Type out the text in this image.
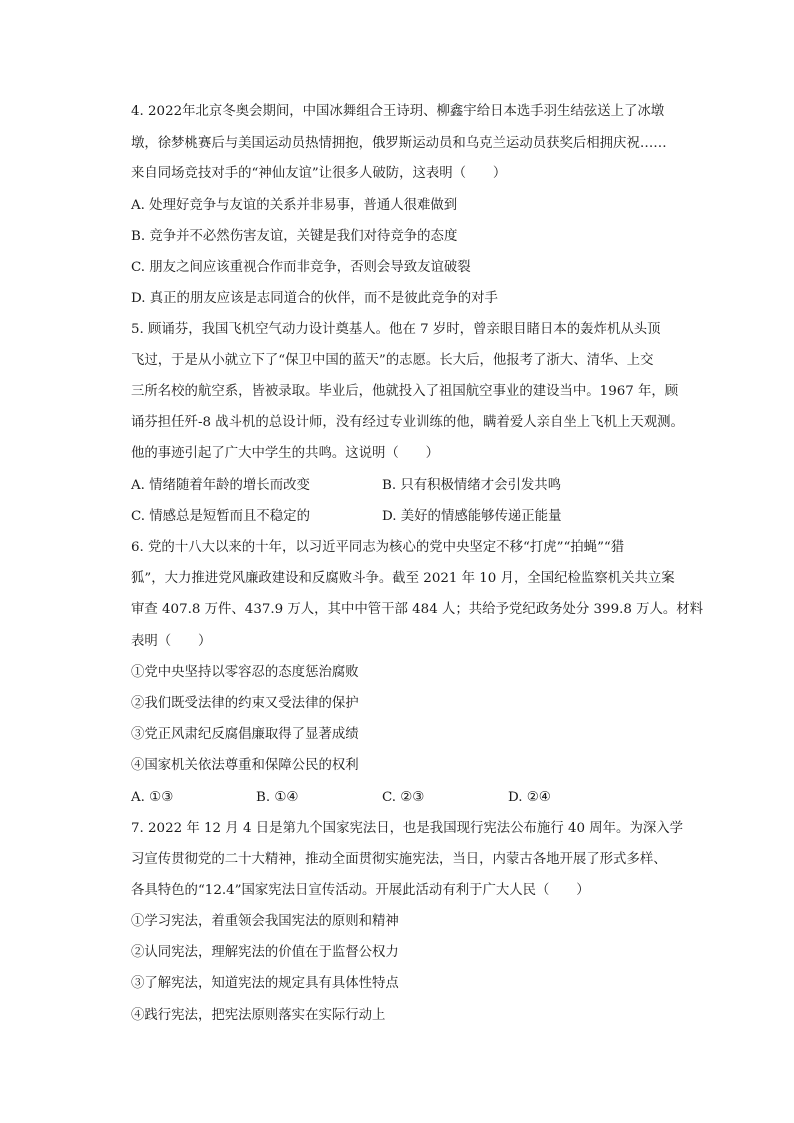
4. 2022年北京冬奥会期间，中国冰舞组合王诗玥、柳鑫宇给日本选手羽生结弦送上了冰墩
墩，徐梦桃赛后与美国运动员热情拥抱，俄罗斯运动员和乌克兰运动员获奖后相拥庆祝……
来自同场竞技对手的“神仙友谊”让很多人破防，这表明（　　）
A. 处理好竞争与友谊的关系并非易事，普通人很难做到
B. 竞争并不必然伤害友谊，关键是我们对待竞争的态度
C. 朋友之间应该重视合作而非竞争，否则会导致友谊破裂
D. 真正的朋友应该是志同道合的伙伴，而不是彼此竞争的对手
5. 顾诵芬，我国飞机空气动力设计奠基人。他在 7 岁时，曾亲眼目睹日本的轰炸机从头顶
飞过，于是从小就立下了“保卫中国的蓝天”的志愿。长大后，他报考了浙大、清华、上交
三所名校的航空系，皆被录取。毕业后，他就投入了祖国航空事业的建设当中。1967 年，顾
诵芬担任歼-8 战斗机的总设计师，没有经过专业训练的他，瞒着爱人亲自坐上飞机上天观测。
他的事迹引起了广大中学生的共鸣。这说明（　　）
A. 情绪随着年龄的增长而改变	B. 只有积极情绪才会引发共鸣
C. 情感总是短暂而且不稳定的	D. 美好的情感能够传递正能量
6. 党的十八大以来的十年，以习近平同志为核心的党中央坚定不移“打虎”“拍蝇”“猎
狐”，大力推进党风廉政建设和反腐败斗争。截至 2021 年 10 月，全国纪检监察机关共立案
审查 407.8 万件、437.9 万人，其中中管干部 484 人；共给予党纪政务处分 399.8 万人。材料
表明（　　）
①党中央坚持以零容忍的态度惩治腐败
②我们既受法律的约束又受法律的保护
③党正风肃纪反腐倡廉取得了显著成绩
④国家机关依法尊重和保障公民的权利
A. ①③	B. ①④	C. ②③	D. ②④
7. 2022 年 12 月 4 日是第九个国家宪法日，也是我国现行宪法公布施行 40 周年。为深入学
习宣传贯彻党的二十大精神，推动全面贯彻实施宪法，当日，内蒙古各地开展了形式多样、
各具特色的“12.4”国家宪法日宣传活动。开展此活动有利于广大人民（　　）
①学习宪法，着重领会我国宪法的原则和精神
②认同宪法，理解宪法的价值在于监督公权力
③了解宪法，知道宪法的规定具有具体性特点
④践行宪法，把宪法原则落实在实际行动上
